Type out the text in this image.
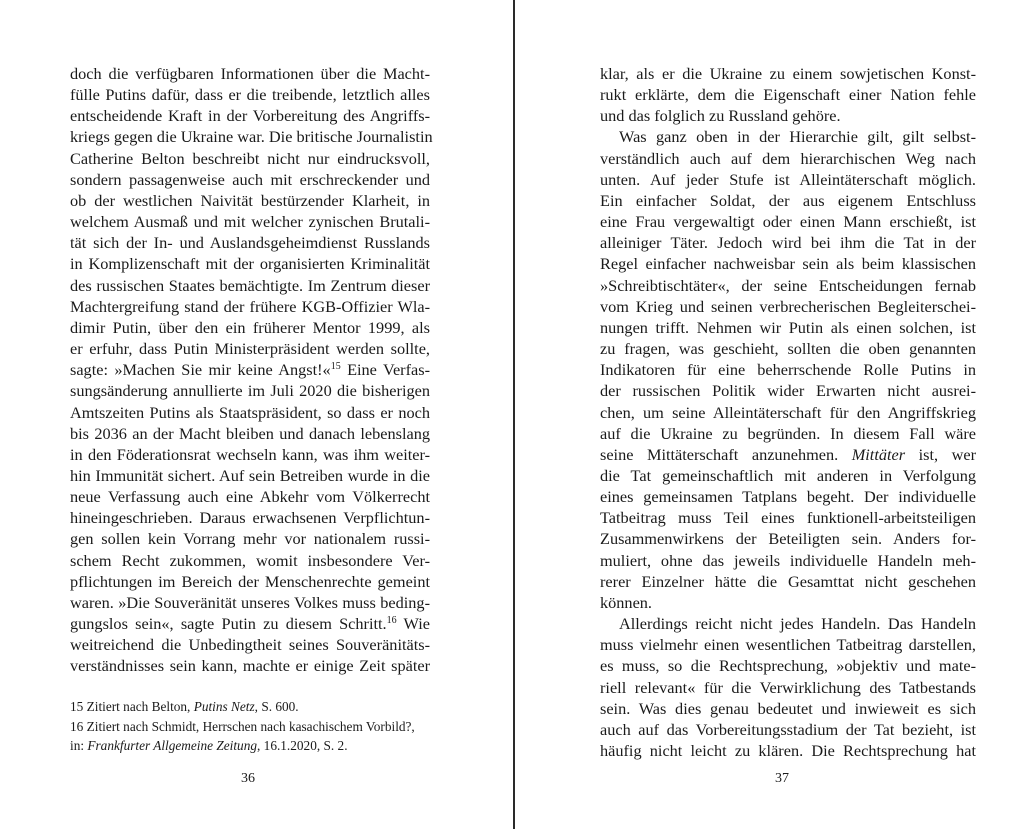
doch die verfügbaren Informationen über die Macht-
fülle Putins dafür, dass er die treibende, letztlich alles
entscheidende Kraft in der Vorbereitung des Angriffs-
kriegs gegen die Ukraine war. Die britische Journalistin
Catherine Belton beschreibt nicht nur eindrucksvoll,
sondern passagenweise auch mit erschreckender und
ob der westlichen Naivität bestürzender Klarheit, in
welchem Ausmaß und mit welcher zynischen Brutali-
tät sich der In- und Auslandsgeheimdienst Russlands
in Komplizenschaft mit der organisierten Kriminalität
des russischen Staates bemächtigte. Im Zentrum dieser
Machtergreifung stand der frühere KGB-Offizier Wla-
dimir Putin, über den ein früherer Mentor 1999, als
er erfuhr, dass Putin Ministerpräsident werden sollte,
sagte: »Machen Sie mir keine Angst!«$^{15}$ Eine Verfas-
sungsänderung annullierte im Juli 2020 die bisherigen
Amtszeiten Putins als Staatspräsident, so dass er noch
bis 2036 an der Macht bleiben und danach lebenslang
in den Föderationsrat wechseln kann, was ihm weiter-
hin Immunität sichert. Auf sein Betreiben wurde in die
neue Verfassung auch eine Abkehr vom Völkerrecht
hineingeschrieben. Daraus erwachsenen Verpflichtun-
gen sollen kein Vorrang mehr vor nationalem russi-
schem Recht zukommen, womit insbesondere Ver-
pflichtungen im Bereich der Menschenrechte gemeint
waren. »Die Souveränität unseres Volkes muss beding-
gungslos sein«, sagte Putin zu diesem Schritt.$^{16}$ Wie
weitreichend die Unbedingtheit seines Souveränitäts-
verständnisses sein kann, machte er einige Zeit später
15 Zitiert nach Belton, Putins Netz, S. 600.
16 Zitiert nach Schmidt, Herrschen nach kasachischem Vorbild?,
in: Frankfurter Allgemeine Zeitung, 16.1.2020, S. 2.
36
klar, als er die Ukraine zu einem sowjetischen Konst-
rukt erklärte, dem die Eigenschaft einer Nation fehle
und das folglich zu Russland gehöre.
Was ganz oben in der Hierarchie gilt, gilt selbst-
verständlich auch auf dem hierarchischen Weg nach
unten. Auf jeder Stufe ist Alleintäterschaft möglich.
Ein einfacher Soldat, der aus eigenem Entschluss
eine Frau vergewaltigt oder einen Mann erschießt, ist
alleiniger Täter. Jedoch wird bei ihm die Tat in der
Regel einfacher nachweisbar sein als beim klassischen
»Schreibtischtäter«, der seine Entscheidungen fernab
vom Krieg und seinen verbrecherischen Begleiterschei-
nungen trifft. Nehmen wir Putin als einen solchen, ist
zu fragen, was geschieht, sollten die oben genannten
Indikatoren für eine beherrschende Rolle Putins in
der russischen Politik wider Erwarten nicht ausrei-
chen, um seine Alleintäterschaft für den Angriffskrieg
auf die Ukraine zu begründen. In diesem Fall wäre
seine Mittäterschaft anzunehmen. Mittäter ist, wer
die Tat gemeinschaftlich mit anderen in Verfolgung
eines gemeinsamen Tatplans begeht. Der individuelle
Tatbeitrag muss Teil eines funktionell-arbeitsteiligen
Zusammenwirkens der Beteiligten sein. Anders for-
muliert, ohne das jeweils individuelle Handeln meh-
rerer Einzelner hätte die Gesamttat nicht geschehen
können.
Allerdings reicht nicht jedes Handeln. Das Handeln
muss vielmehr einen wesentlichen Tatbeitrag darstellen,
es muss, so die Rechtsprechung, »objektiv und mate-
riell relevant« für die Verwirklichung des Tatbestands
sein. Was dies genau bedeutet und inwieweit es sich
auch auf das Vorbereitungsstadium der Tat bezieht, ist
häufig nicht leicht zu klären. Die Rechtsprechung hat
37
